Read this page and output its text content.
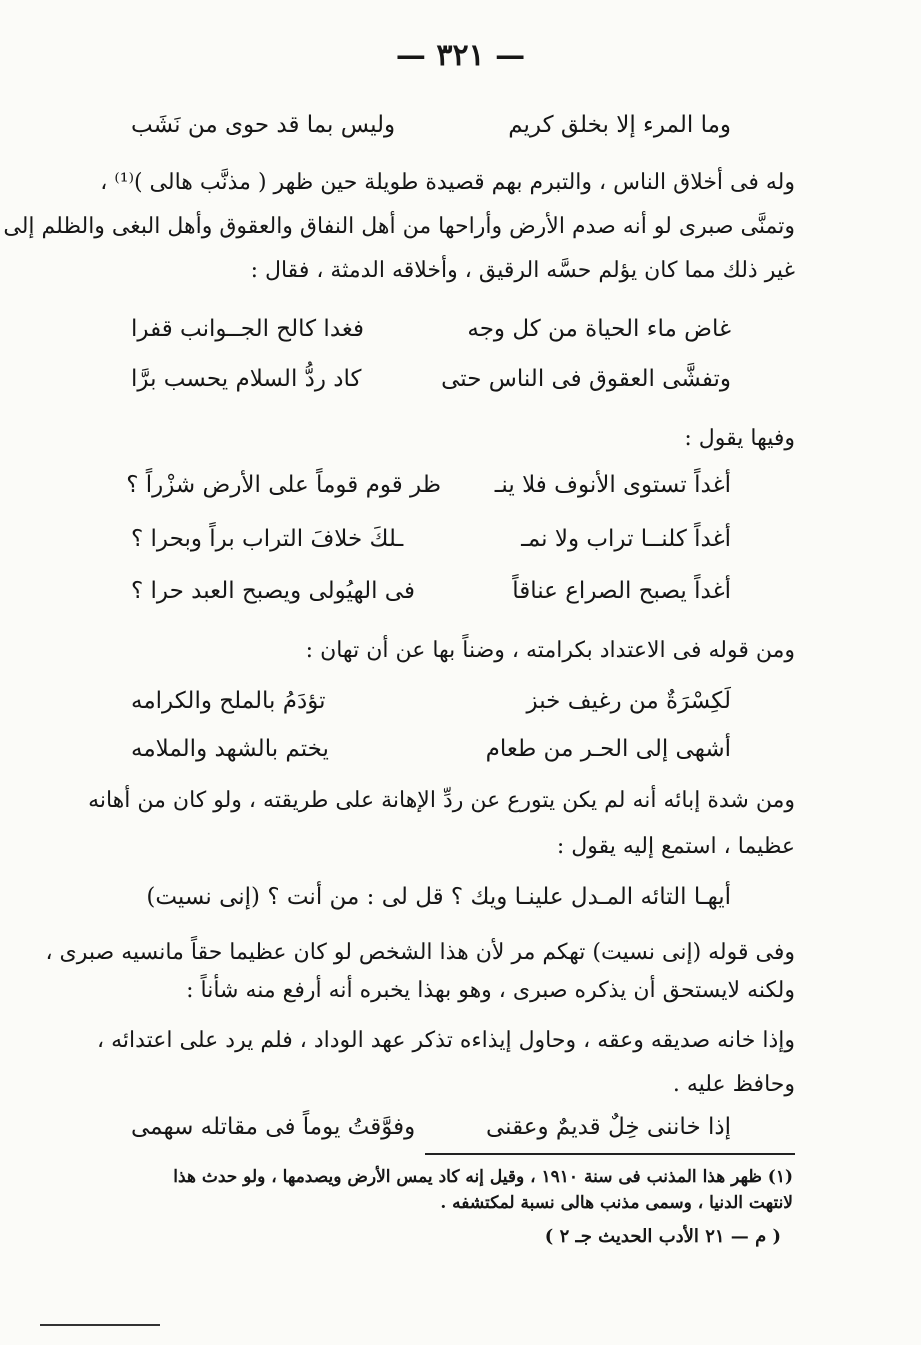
— ٣٢١ —
وما المرء إلا بخلق كريم
وليس بما قد حوى من نَشَب
وله فى أخلاق الناس ، والتبرم بهم قصيدة طويلة حين ظهر ( مذنَّب هالى )⁽¹⁾ ،
وتمنَّى صبرى لو أنه صدم الأرض وأراحها من أهل النفاق والعقوق وأهل البغى والظلم إلى
غير ذلك مما كان يؤلم حسَّه الرقيق ، وأخلاقه الدمثة ، فقال :
غاض ماء الحياة من كل وجه
فغدا كالح الجــوانب قفرا
وتفشَّى العقوق فى الناس حتى
كاد ردُّ السلام يحسب برَّا
وفيها يقول :
أغداً تستوى الأنوف فلا ينـ
ظر قوم قوماً على الأرض شزْراً ؟
أغداً كلنــا تراب ولا نمـ
ـلكَ خلافَ التراب براً وبحرا ؟
أغداً يصبح الصراع عناقاً
فى الهيُولى ويصبح العبد حرا ؟
ومن قوله فى الاعتداد بكرامته ، وضناً بها عن أن تهان :
لَكِسْرَةٌ من رغيف خبز
تؤدَمُ بالملح والكرامه
أشهى إلى الحـر من طعام
يختم بالشهد والملامه
ومن شدة إبائه أنه لم يكن يتورع عن ردِّ الإهانة على طريقته ، ولو كان من أهانه
عظيما ، استمع إليه يقول :
أيهـا التائه المـدل علينـا ويك ؟ قل لى : من أنت ؟ (إنى نسيت)
وفى قوله (إنى نسيت) تهكم مر لأن هذا الشخص لو كان عظيما حقاً مانسيه صبرى ،
ولكنه لايستحق أن يذكره صبرى ، وهو بهذا يخبره أنه أرفع منه شأناً :
وإذا خانه صديقه وعقه ، وحاول إيذاءه تذكر عهد الوداد ، فلم يرد على اعتدائه ،
وحافظ عليه .
إذا خاننى خِلٌ قديمٌ وعقنى
وفوَّقتُ يوماً فى مقاتله سهمى
(١) ظهر هذا المذنب فى سنة ١٩١٠ ، وقيل إنه كاد يمس الأرض ويصدمها ، ولو حدث هذا
لانتهت الدنيا ، وسمى مذنب هالى نسبة لمكتشفه .
( م — ٢١ الأدب الحديث جـ ٢ )
